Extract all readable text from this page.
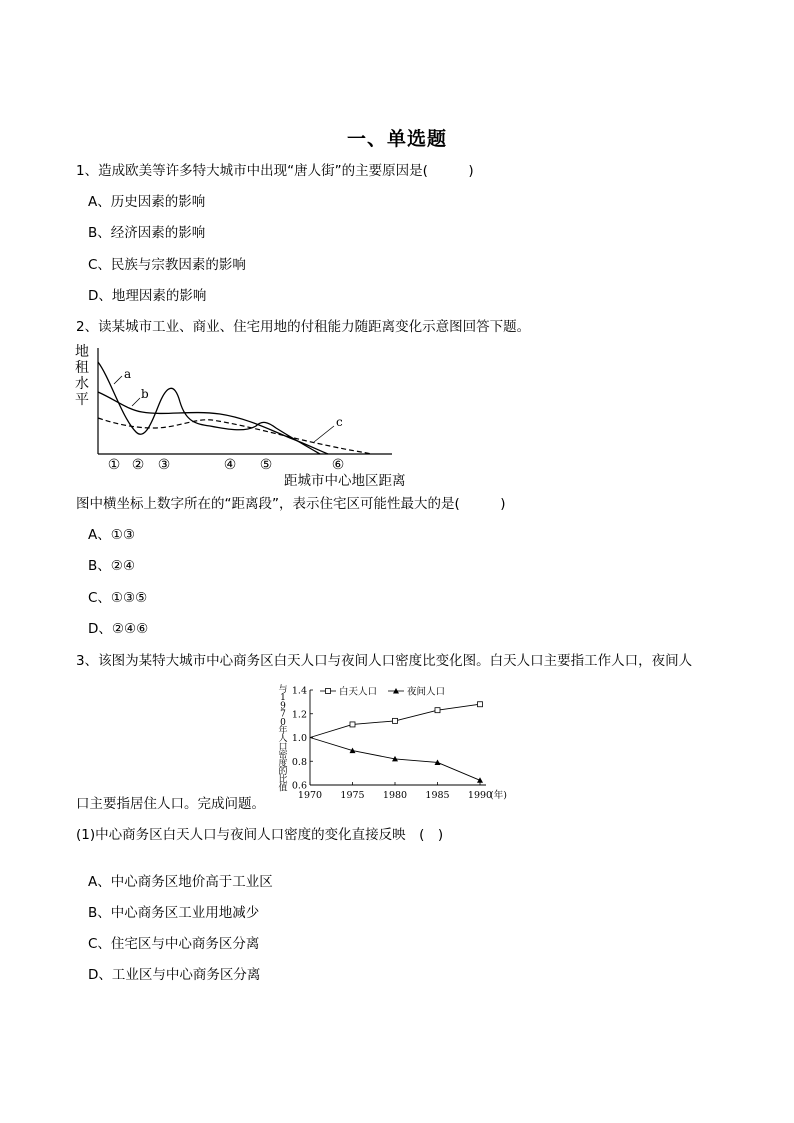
一、单选题
1、造成欧美等许多特大城市中出现“唐人街”的主要原因是(　　　)
A、历史因素的影响
B、经济因素的影响
C、民族与宗教因素的影响
D、地理因素的影响
2、读某城市工业、商业、住宅用地的付租能力随距离变化示意图回答下题。
地
租
水
平
a
b
c
① ② ③	④ ⑤	⑥
距城市中心地区距离
图中横坐标上数字所在的“距离段”，表示住宅区可能性最大的是(　　　)
A、①③
B、②④
C、①③⑤
D、②④⑥
3、该图为某特大城市中心商务区白天人口与夜间人口密度比变化图。白天人口主要指工作人口，夜间人
与
1
9
7
0
年
人
口
密
度
的
比
值
白天人口	夜间人口
0.6
0.8
1.0
1.2
1.4
1970 1975 1980 1985 1990
(年)
口主要指居住人口。完成问题。
(1)中心商务区白天人口与夜间人口密度的变化直接反映　(　)
A、中心商务区地价高于工业区
B、中心商务区工业用地减少
C、住宅区与中心商务区分离
D、工业区与中心商务区分离
